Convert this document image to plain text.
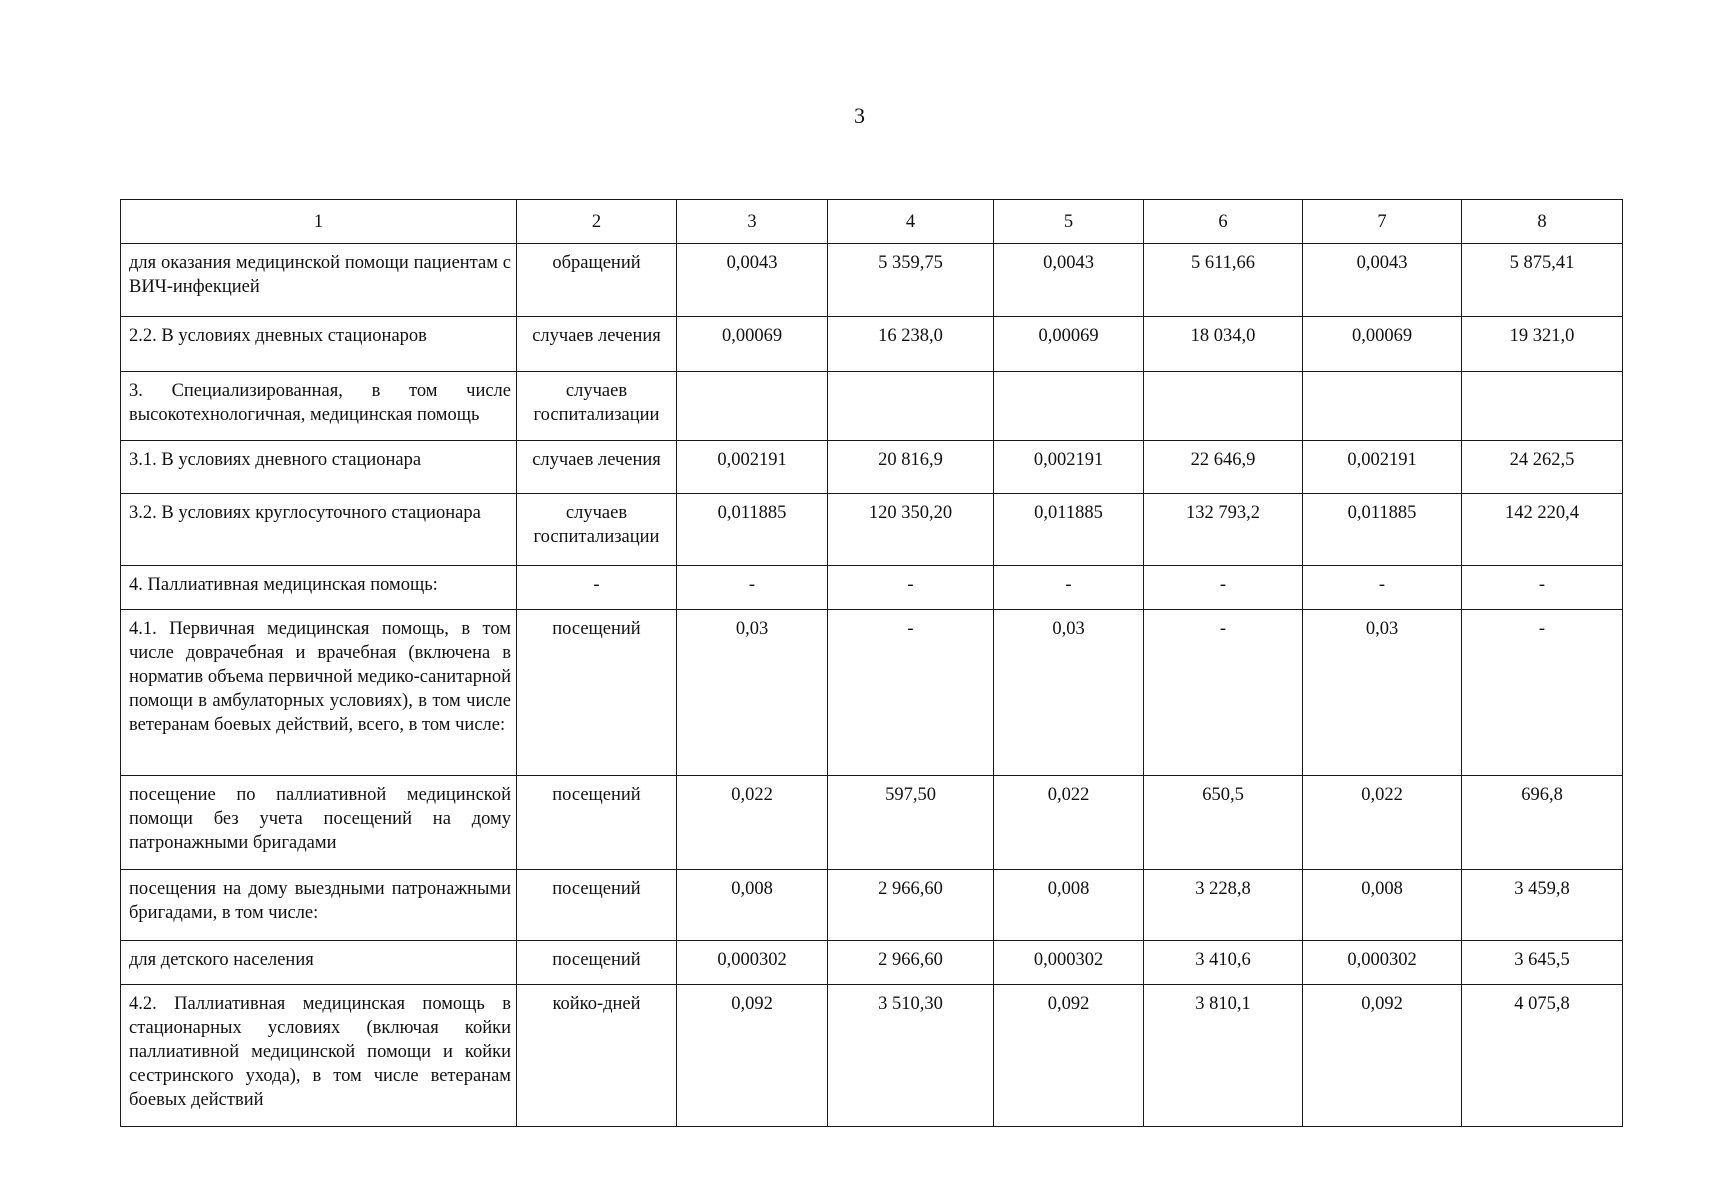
3
1	2	3	4	5	6	7	8
для оказания медицинской помощи пациентам с ВИЧ-инфекцией	обращений	0,0043	5 359,75	0,0043	5 611,66	0,0043	5 875,41
2.2. В условиях дневных стационаров	случаев лечения	0,00069	16 238,0	0,00069	18 034,0	0,00069	19 321,0
3. Специализированная, в том числе высокотехнологичная, медицинская помощь	случаев госпитализации						
3.1. В условиях дневного стационара	случаев лечения	0,002191	20 816,9	0,002191	22 646,9	0,002191	24 262,5
3.2. В условиях круглосуточного стационара	случаев госпитализации	0,011885	120 350,20	0,011885	132 793,2	0,011885	142 220,4
4. Паллиативная медицинская помощь:	-	-	-	-	-	-	-
4.1. Первичная медицинская помощь, в том числе доврачебная и врачебная (включена в норматив объема первичной медико-санитарной помощи в амбулаторных условиях), в том числе ветеранам боевых действий, всего, в том числе:	посещений	0,03	-	0,03	-	0,03	-
посещение по паллиативной медицинской помощи без учета посещений на дому патронажными бригадами	посещений	0,022	597,50	0,022	650,5	0,022	696,8
посещения на дому выездными патронажными бригадами, в том числе:	посещений	0,008	2 966,60	0,008	3 228,8	0,008	3 459,8
для детского населения	посещений	0,000302	2 966,60	0,000302	3 410,6	0,000302	3 645,5
4.2. Паллиативная медицинская помощь в стационарных условиях (включая койки паллиативной медицинской помощи и койки сестринского ухода), в том числе ветеранам боевых действий	койко-дней	0,092	3 510,30	0,092	3 810,1	0,092	4 075,8
